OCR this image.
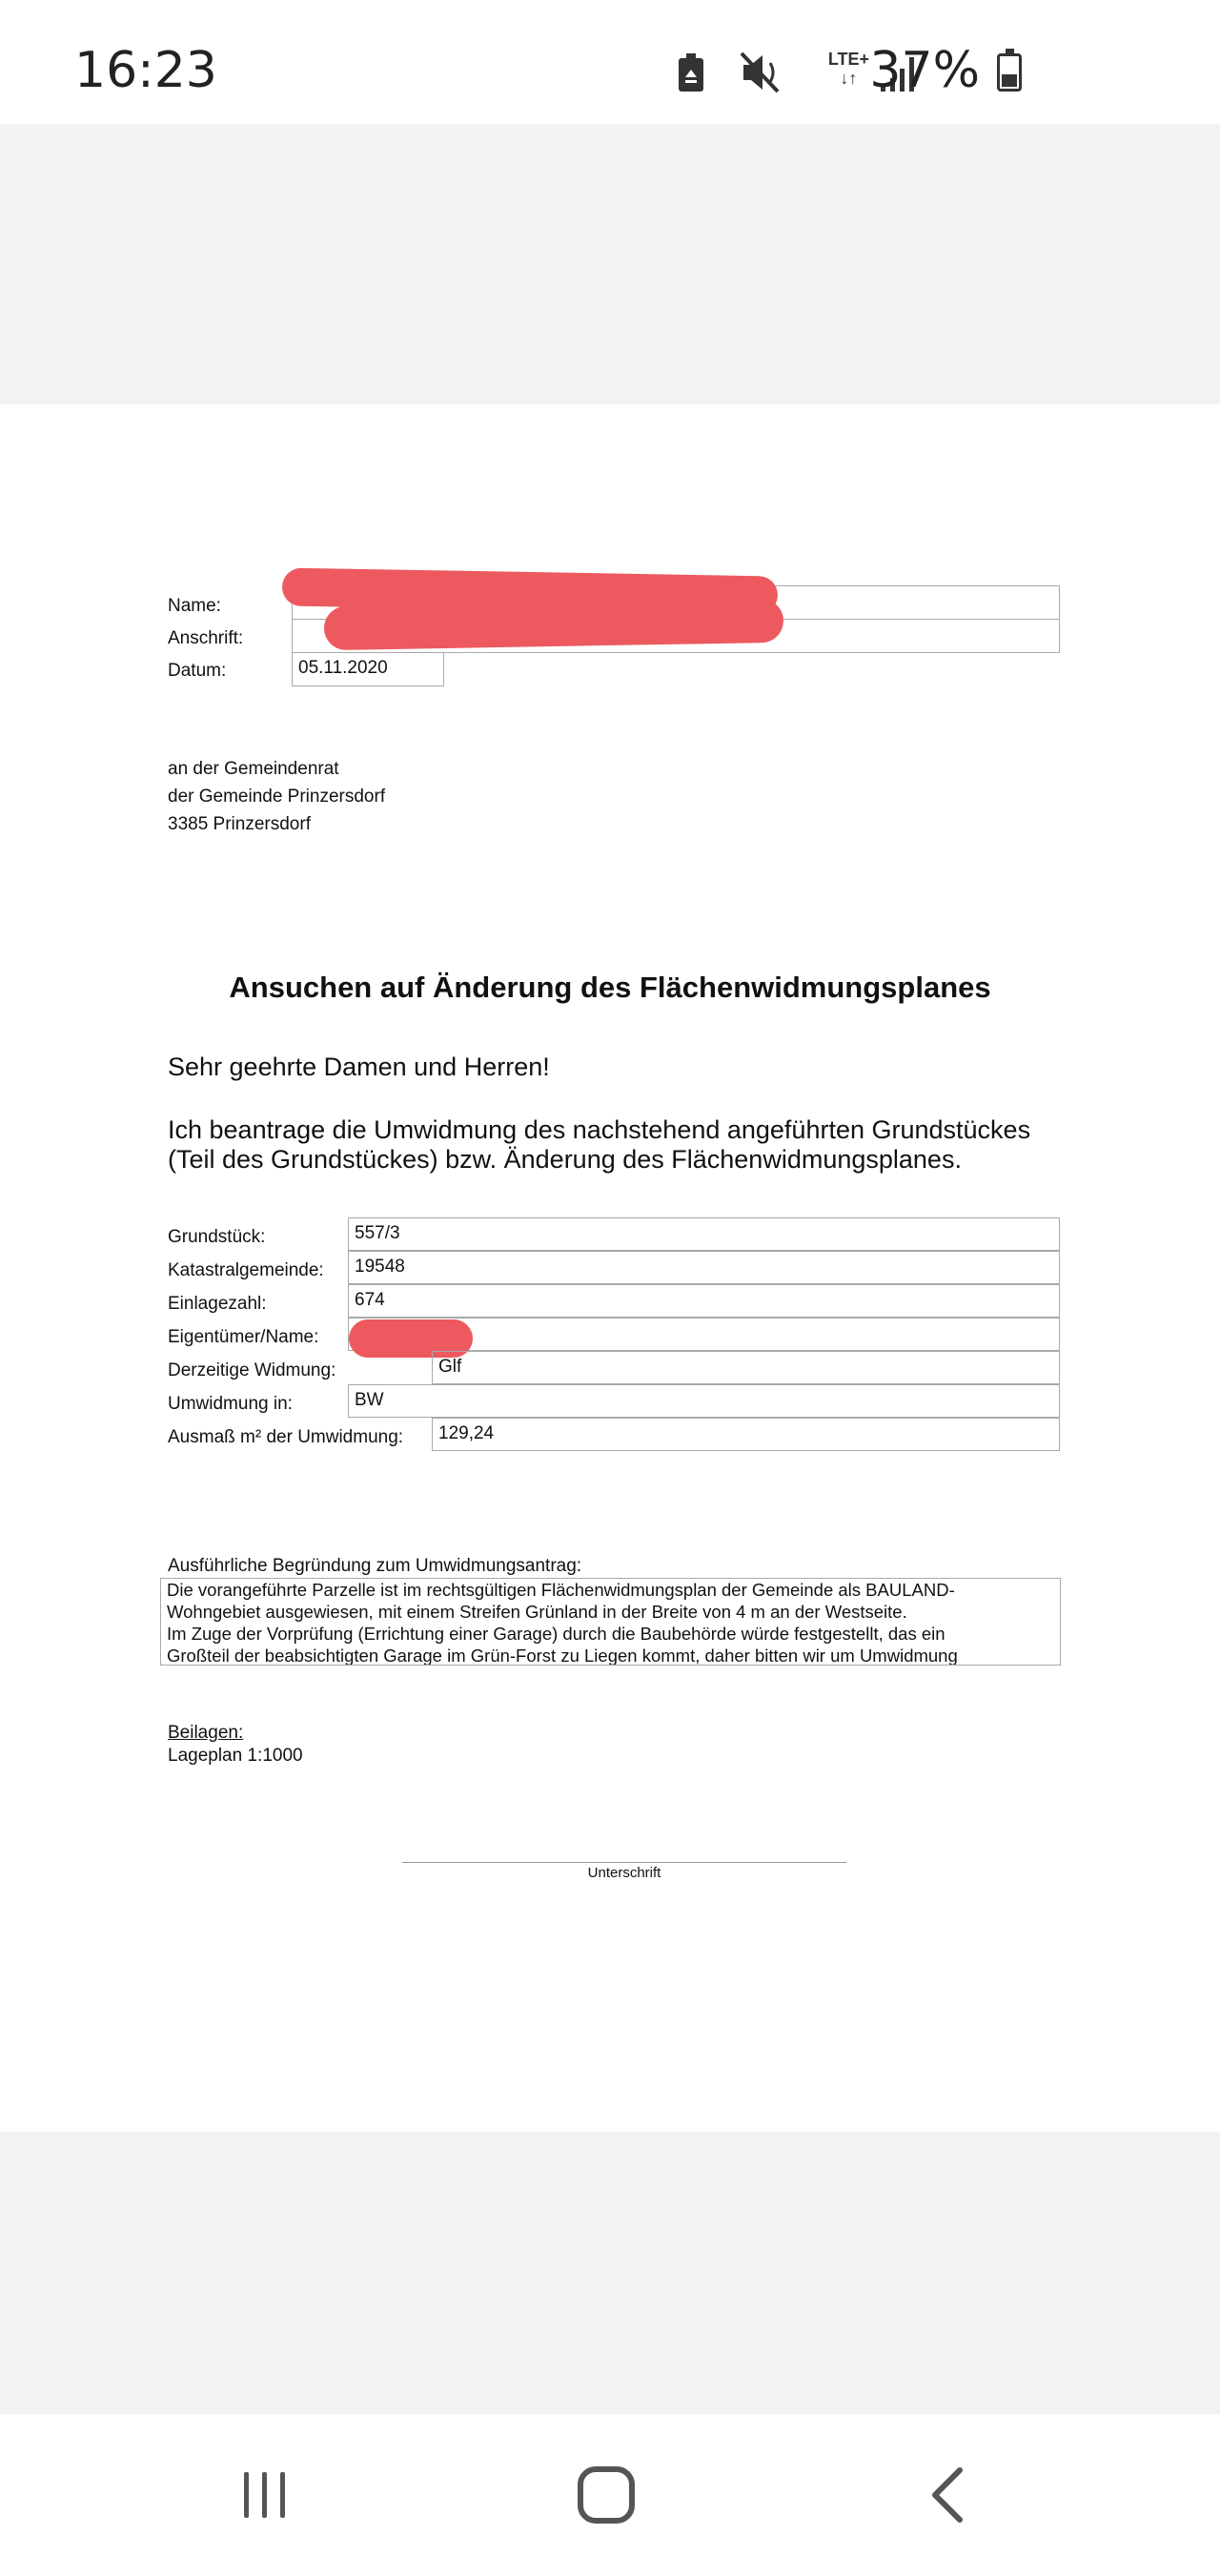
16:23	LTE+
↓↑ 37%
Name:
Anschrift:
Datum:	05.11.2020
an der Gemeindenrat
der Gemeinde Prinzersdorf
3385 Prinzersdorf
Ansuchen auf Änderung des Flächenwidmungsplanes
Sehr geehrte Damen und Herren!
Ich beantrage die Umwidmung des nachstehend angeführten Grundstückes
(Teil des Grundstückes) bzw. Änderung des Flächenwidmungsplanes.
Grundstück:	557/3
Katastralgemeinde:	19548
Einlagezahl:	674
Eigentümer/Name:
Derzeitige Widmung:	Glf
Umwidmung in:	BW
Ausmaß m² der Umwidmung:	129,24
Ausführliche Begründung zum Umwidmungsantrag:
Die vorangeführte Parzelle ist im rechtsgültigen Flächenwidmungsplan der Gemeinde als BAULAND-
Wohngebiet ausgewiesen, mit einem Streifen Grünland in der Breite von 4 m an der Westseite.
Im Zuge der Vorprüfung (Errichtung einer Garage) durch die Baubehörde würde festgestellt, das ein
Großteil der beabsichtigten Garage im Grün-Forst zu Liegen kommt, daher bitten wir um Umwidmung
Beilagen:
Lageplan 1:1000
Unterschrift
